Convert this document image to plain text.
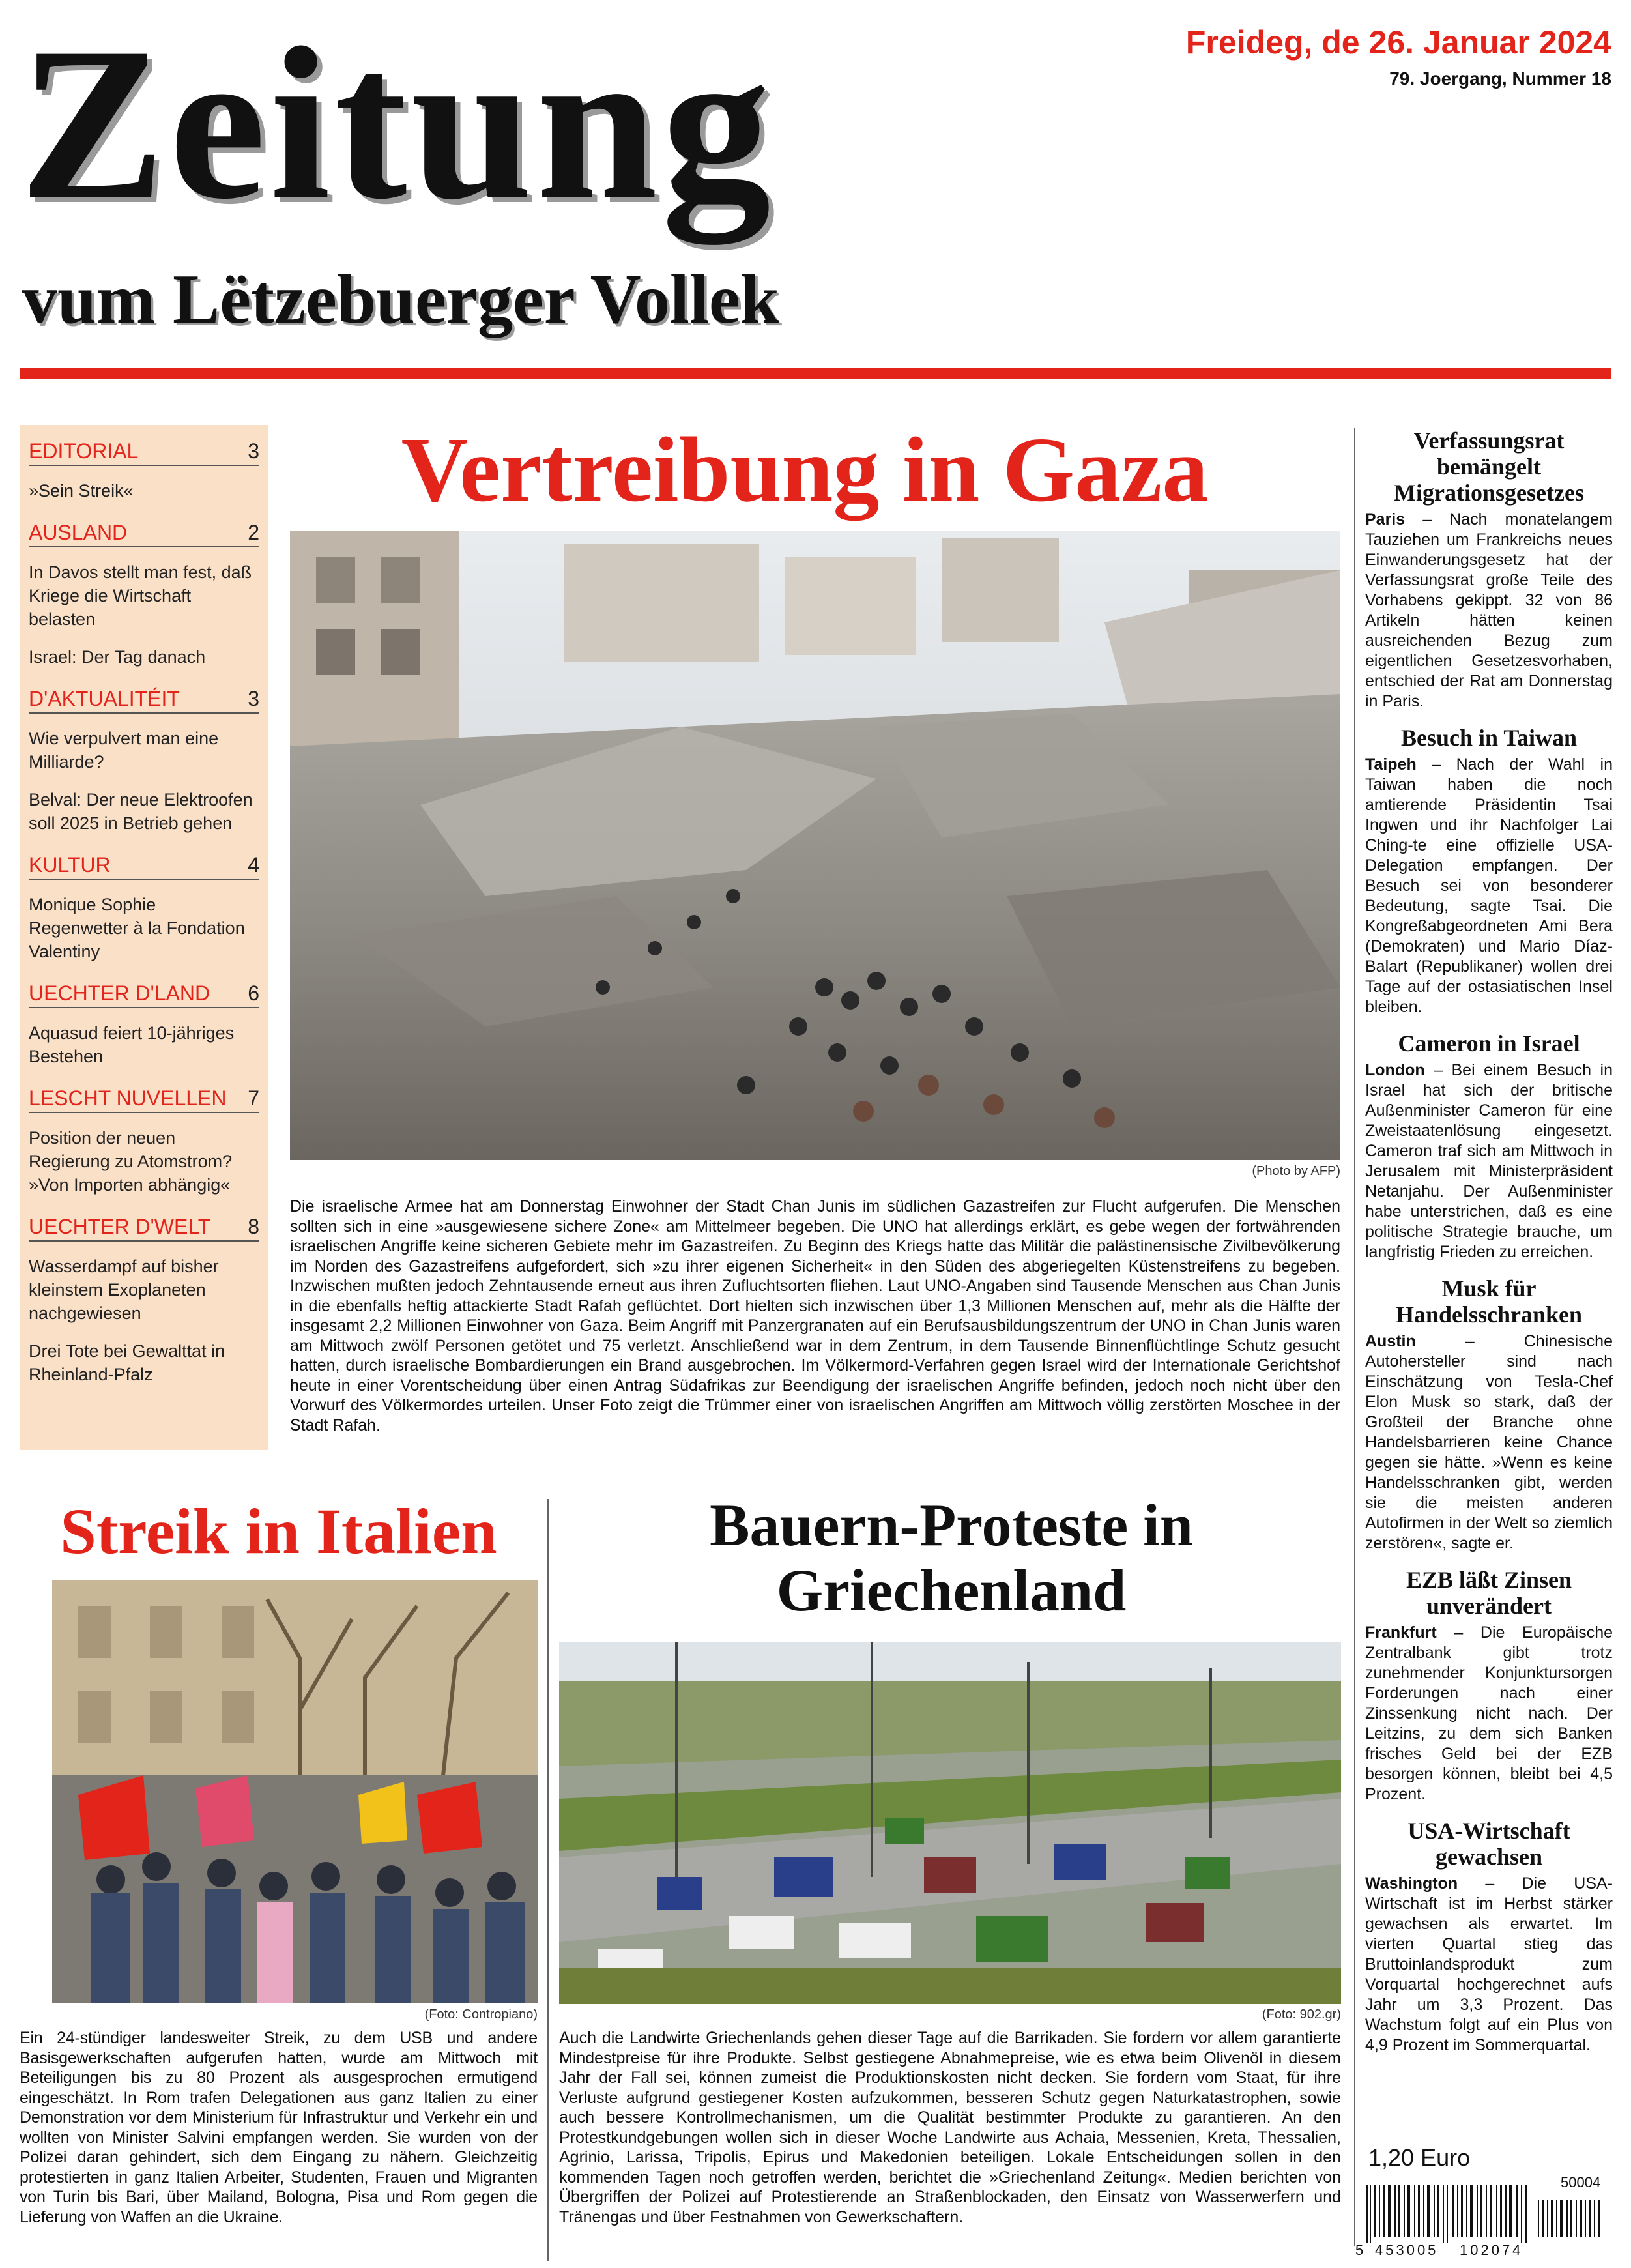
Zeitung
vum Lëtzebuerger Vollek
Freideg, de 26. Januar 2024
79. Joergang, Nummer 18
EDITORIAL	3
»Sein Streik«
AUSLAND	2
In Davos stellt man fest, daß Kriege die Wirtschaft belasten
Israel: Der Tag danach
D'AKTUALITÉIT	3
Wie verpulvert man eine Milliarde?
Belval: Der neue Elektroofen soll 2025 in Betrieb gehen
KULTUR	4
Monique Sophie Regenwetter à la Fondation Valentiny
UECHTER D'LAND 6
Aquasud feiert 10-jähriges Bestehen
LESCHT NUVELLEN 7
Position der neuen Regierung zu Atomstrom? »Von Importen abhängig«
UECHTER D'WELT 8
Wasserdampf auf bisher kleinstem Exoplaneten nachgewiesen
Drei Tote bei Gewalttat in Rheinland-Pfalz
Vertreibung in Gaza
(Photo by AFP)
Die israelische Armee hat am Donnerstag Einwohner der Stadt Chan Junis im südlichen Gazastreifen zur Flucht aufgerufen. Die Menschen sollten sich in eine »ausgewiesene sichere Zone« am Mittelmeer begeben. Die UNO hat allerdings erklärt, es gebe wegen der fortwährenden israelischen Angriffe keine sicheren Gebiete mehr im Gazastreifen. Zu Beginn des Kriegs hatte das Militär die palästinensische Zivilbevölkerung im Norden des Gazastreifens aufgefordert, sich »zu ihrer eigenen Sicherheit« in den Süden des abgeriegelten Küstenstreifens zu begeben. Inzwischen mußten jedoch Zehntausende erneut aus ihren Zufluchtsorten fliehen. Laut UNO-Angaben sind Tausende Menschen aus Chan Junis in die ebenfalls heftig attackierte Stadt Rafah geflüchtet. Dort hielten sich inzwischen über 1,3 Millionen Menschen auf, mehr als die Hälfte der insgesamt 2,2 Millionen Einwohner von Gaza. Beim Angriff mit Panzergranaten auf ein Berufsausbildungszentrum der UNO in Chan Junis waren am Mittwoch zwölf Personen getötet und 75 verletzt. Anschließend war in dem Zentrum, in dem Tausende Binnenflüchtlinge Schutz gesucht hatten, durch israelische Bombardierungen ein Brand ausgebrochen. Im Völkermord-Verfahren gegen Israel wird der Internationale Gerichtshof heute in einer Vorentscheidung über einen Antrag Südafrikas zur Beendigung der israelischen Angriffe befinden, jedoch noch nicht über den Vorwurf des Völkermordes urteilen. Unser Foto zeigt die Trümmer einer von israelischen Angriffen am Mittwoch völlig zerstörten Moschee in der Stadt Rafah.
Verfassungsrat bemängelt Migrationsgesetzes
Paris – Nach monatelangem Tauziehen um Frankreichs neues Einwanderungsgesetz hat der Verfassungsrat große Teile des Vorhabens gekippt. 32 von 86 Artikeln hätten keinen ausreichenden Bezug zum eigentlichen Gesetzesvorhaben, entschied der Rat am Donnerstag in Paris.
Besuch in Taiwan
Taipeh – Nach der Wahl in Taiwan haben die noch amtierende Präsidentin Tsai Ingwen und ihr Nachfolger Lai Ching-te eine offizielle USA-Delegation empfangen. Der Besuch sei von besonderer Bedeutung, sagte Tsai. Die Kongreßabgeordneten Ami Bera (Demokraten) und Mario Díaz-Balart (Republikaner) wollen drei Tage auf der ostasiatischen Insel bleiben.
Cameron in Israel
London – Bei einem Besuch in Israel hat sich der britische Außenminister Cameron für eine Zweistaatenlösung eingesetzt. Cameron traf sich am Mittwoch in Jerusalem mit Ministerpräsident Netanjahu. Der Außenminister habe unterstrichen, daß es eine politische Strategie brauche, um langfristig Frieden zu erreichen.
Musk für Handelsschranken
Austin – Chinesische Autohersteller sind nach Einschätzung von Tesla-Chef Elon Musk so stark, daß der Großteil der Branche ohne Handelsbarrieren keine Chance gegen sie hätte. »Wenn es keine Handelsschranken gibt, werden sie die meisten anderen Autofirmen in der Welt so ziemlich zerstören«, sagte er.
EZB läßt Zinsen unverändert
Frankfurt – Die Europäische Zentralbank gibt trotz zunehmender Konjunktursorgen Forderungen nach einer Zinssenkung nicht nach. Der Leitzins, zu dem sich Banken frisches Geld bei der EZB besorgen können, bleibt bei 4,5 Prozent.
USA-Wirtschaft gewachsen
Washington – Die USA-Wirtschaft ist im Herbst stärker gewachsen als erwartet. Im vierten Quartal stieg das Bruttoinlandsprodukt zum Vorquartal hochgerechnet aufs Jahr um 3,3 Prozent. Das Wachstum folgt auf ein Plus von 4,9 Prozent im Sommerquartal.
1,20 Euro
50004
5 453005 102074
Streik in Italien
(Foto: Contropiano)
Ein 24-stündiger landesweiter Streik, zu dem USB und andere Basisgewerkschaften aufgerufen hatten, wurde am Mittwoch mit Beteiligungen bis zu 80 Prozent als ausgesprochen ermutigend eingeschätzt. In Rom trafen Delegationen aus ganz Italien zu einer Demonstration vor dem Ministerium für Infrastruktur und Verkehr ein und wollten von Minister Salvini empfangen werden. Sie wurden von der Polizei daran gehindert, sich dem Eingang zu nähern. Gleichzeitig protestierten in ganz Italien Arbeiter, Studenten, Frauen und Migranten von Turin bis Bari, über Mailand, Bologna, Pisa und Rom gegen die Lieferung von Waffen an die Ukraine.
Bauern-Proteste in Griechenland
(Foto: 902.gr)
Auch die Landwirte Griechenlands gehen dieser Tage auf die Barrikaden. Sie fordern vor allem garantierte Mindestpreise für ihre Produkte. Selbst gestiegene Abnahmepreise, wie es etwa beim Olivenöl in diesem Jahr der Fall sei, können zumeist die Produktionskosten nicht decken. Sie fordern vom Staat, für ihre Verluste aufgrund gestiegener Kosten aufzukommen, besseren Schutz gegen Naturkatastrophen, sowie auch bessere Kontrollmechanismen, um die Qualität bestimmter Produkte zu garantieren. An den Protestkundgebungen wollen sich in dieser Woche Landwirte aus Achaia, Messenien, Kreta, Thessalien, Agrinio, Larissa, Tripolis, Epirus und Makedonien beteiligen. Lokale Entscheidungen sollen in den kommenden Tagen noch getroffen werden, berichtet die »Griechenland Zeitung«. Medien berichten von Übergriffen der Polizei auf Protestierende an Straßenblockaden, den Einsatz von Wasserwerfern und Tränengas und über Festnahmen von Gewerkschaftern.
